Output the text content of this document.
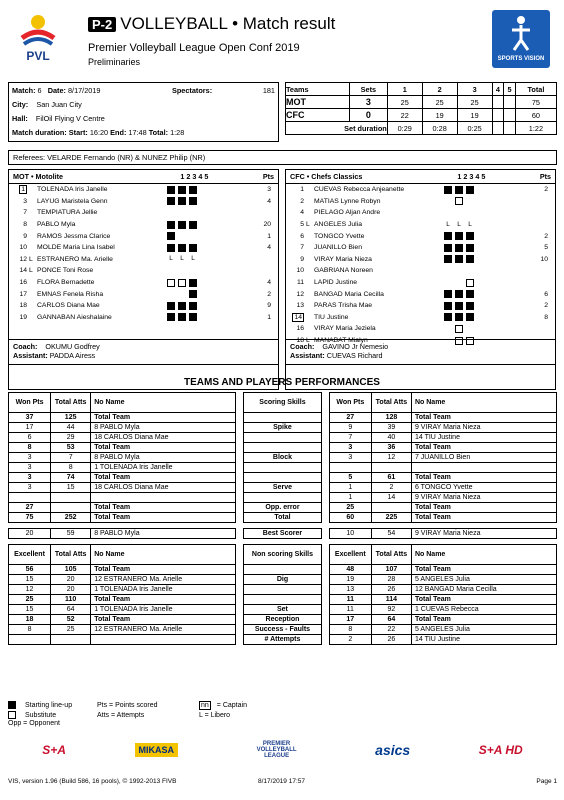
PVL
P-2 VOLLEYBALL • Match result
Premier Volleyball League Open Conf 2019
Preliminaries	SPORTS VISION
Match: 6 Date: 8/17/2019	Spectators:	181
City: San Juan City
Hall: FilOil Flying V Centre
Match duration: Start: 16:20 End: 17:48 Total: 1:28
Teams	Sets	1	2	3	4	5	Total
MOT	3	25	25	25			75
CFC	0	22	19	19			60
Set duration		0:29	0:28	0:25			1:22
Referees: VELARDE Fernando (NR) & NUNEZ Philip (NR)
MOT • Motolite	1 2 3 4 5	Pts
1 TOLENADA Iris Janelle	3
3 LAYUG Maristela Genn	4
7 TEMPIATURA Jellie
8 PABLO Myla	20
9 RAMOS Jessma Clarice	1
10 MOLDE Maria Lina Isabel	4
12 L ESTRANERO Ma. Arielle	L	L	L
14 L PONCE Toni Rose
16 FLORA Bernadette	4
17 EMNAS Fenela Risha	2
18 CARLOS Diana Mae	9
19 GANNABAN Aieshalaine	1
CFC • Chefs Classics	1 2 3 4 5	Pts
1 CUEVAS Rebecca Anjeanette	2
2 MATIAS Lynne Robyn
4 PIELAGO Aljan Andre
5 L ANGELES Julia	L	L	L
6 TONGCO Yvette	2
7 JUANILLO Bien	5
9 VIRAY Maria Nieza	10
10 GABRIANA Noreen
11 LAPID Justine
12 BANGAD Maria Cecilla	6
13 PARAS Trisha Mae	2
14 TIU Justine	8
16 VIRAY Maria Jeziela
18 L MANABAT Mialyn
Coach: OKUMU Godfrey
Assistant: PADDA Airess
Coach: GAVINO Jr Nemesio
Assistant: CUEVAS Richard
TEAMS AND PLAYERS PERFORMANCES
Won Pts	Total Atts	No Name		Scoring Skills		Won Pts	Total Atts	No Name
37	125	Total Team				27	128	Total Team
17	44	8 PABLO Myla		Spike		9	39	9 VIRAY Maria Nieza
6	29	18 CARLOS Diana Mae				7	40	14 TIU Justine
8	53	Total Team				3	36	Total Team
3	7	8 PABLO Myla		Block		3	12	7 JUANILLO Bien
3	8	1 TOLENADA Iris Janelle						
3	74	Total Team				5	61	Total Team
3	15	18 CARLOS Diana Mae		Serve		1	2	6 TONGCO Yvette
						1	14	9 VIRAY Maria Nieza
27		Total Team		Opp. error		25		Total Team
75	252	Total Team		Total		60	225	Total Team

20	59	8 PABLO Myla		Best Scorer		10	54	9 VIRAY Maria Nieza

Excellent	Total Atts	No Name		Non scoring Skills		Excellent	Total Atts	No Name
56	105	Total Team				48	107	Total Team
15	20	12 ESTRANERO Ma. Arielle		Dig		19	28	5 ANGELES Julia
12	20	1 TOLENADA Iris Janelle				13	26	12 BANGAD Maria Cecilla
25	110	Total Team				11	114	Total Team
15	64	1 TOLENADA Iris Janelle		Set		11	92	1 CUEVAS Rebecca
18	52	Total Team		Reception		17	64	Total Team
8	25	12 ESTRANERO Ma. Arielle		Success - Faults		8	22	5 ANGELES Julia
				# Attempts		2	26	14 TIU Justine
Starting line-up	Pts = Points scored	nn = Captain
Substitute	Atts = Attempts	L = Libero
Opp = Opponent
S+A	MIKASA
PREMIER VOLLEYBALL LEAGUE	asics	S+A HD
VIS, version 1.96 (Build 586, 16 pools), © 1992-2013 FIVB	8/17/2019 17:57	Page 1
